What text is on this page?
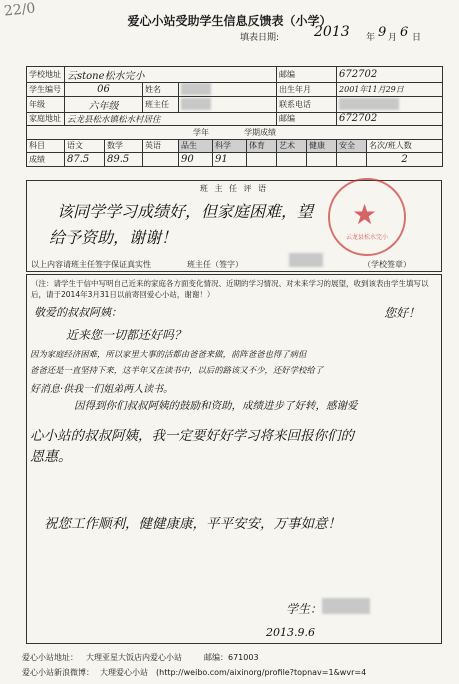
22/0
爱心小站受助学生信息反馈表（小学）
填表日期: 2013 年 9 月 6 日
学校地址	云stone松水完小						邮编		672702	
学生编号	06		姓名				出生年月		2001年11月29日	
年级	六年级		班主任				联系电话			
家庭地址	云龙县松水镇松水村居住						邮编		672702	
学年 学期成绩										
科目	语文	数学	英语	品生	科学	体育	艺术	健康	安全	名次/班人数
成绩	87.5	89.5		90	91					2
班 主 任 评 语
该同学学习成绩好，但家庭困难，望
给予资助，谢谢！
以上内容请班主任签字保证真实性	班主任（签字）	（学校签章）
★
云龙县松水完小
（注：请学生于信中写明自己近来的家庭各方面变化情况、近期的学习情况、对未来学习的展望，收到该表由学生填写以后，请于2014年3月31日以前寄回爱心小站，谢谢！）
敬爱的叔叔阿姨：	您好！
近来您一切都还好吗？
因为家庭经济困难，所以家里大事的活都由爸爸来做，前阵爸爸也得了病但
爸爸还是一直坚持下来，这半年又在读书中，以后的路该又不少，还好学校给了
好消息·供我一们姐弟两人读书。
因得到你们叔叔阿姨的鼓励和资助，成绩进步了好转，感谢爱
心小站的叔叔阿姨，我一定要好好学习将来回报你们的
恩惠。
祝您工作顺利，健健康康，平平安安，万事如意！
学生：
2013.9.6
爱心小站地址： 大理亚星大饭店内爱心小站	邮编：671003
爱心小站新浪微博： 大理爱心小站 (http://weibo.com/aixinorg/profile?topnav=1&wvr=4
